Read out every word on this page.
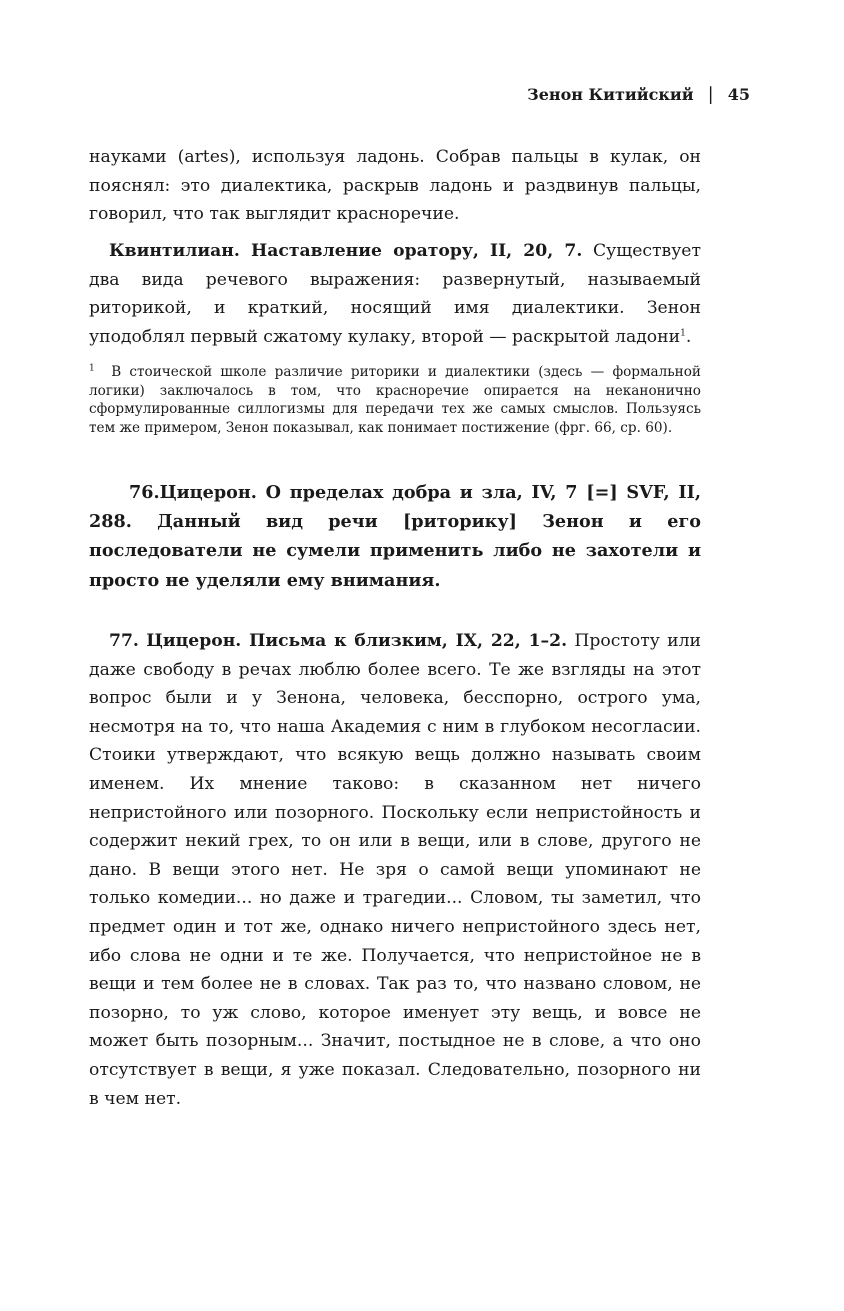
Зенон Китийский | 45

науками (artes), используя ладонь. Собрав пальцы в кулак, он пояснял: это диалектика, раскрыв ладонь и раздвинув пальцы, говорил, что так выглядит красноречие.

Квинтилиан. Наставление оратору, II, 20, 7. Существует два вида речевого выражения: развернутый, называемый риторикой, и краткий, носящий имя диалектики. Зенон уподоблял первый сжатому кулаку, второй — раскрытой ладони$^1$.

$^1$ В стоической школе различие риторики и диалектики (здесь — формальной логики) заключалось в том, что красноречие опирается на неканонично сформулированные силлогизмы для передачи тех же самых смыслов. Пользуясь тем же примером, Зенон показывал, как понимает постижение (фрг. 66, ср. 60).

76.Цицерон. О пределах добра и зла, IV, 7 [=] SVF, II, 288. Данный вид речи [риторику] Зенон и его последователи не сумели применить либо не захотели и просто не уделяли ему внимания.

77. Цицерон. Письма к близким, IX, 22, 1–2. Простоту или даже свободу в речах люблю более всего. Те же взгляды на этот вопрос были и у Зенона, человека, бесспорно, острого ума, несмотря на то, что наша Академия с ним в глубоком несогласии. Стоики утверждают, что всякую вещь должно называть своим именем. Их мнение таково: в сказанном нет ничего непристойного или позорного. Поскольку если непристойность и содержит некий грех, то он или в вещи, или в слове, другого не дано. В вещи этого нет. Не зря о самой вещи упоминают не только комедии... но даже и трагедии... Словом, ты заметил, что предмет один и тот же, однако ничего непристойного здесь нет, ибо слова не одни и те же. Получается, что непристойное не в вещи и тем более не в словах. Так раз то, что названо словом, не позорно, то уж слово, которое именует эту вещь, и вовсе не может быть позорным... Значит, постыдное не в слове, а что оно отсутствует в вещи, я уже показал. Следовательно, позорного ни в чем нет.
